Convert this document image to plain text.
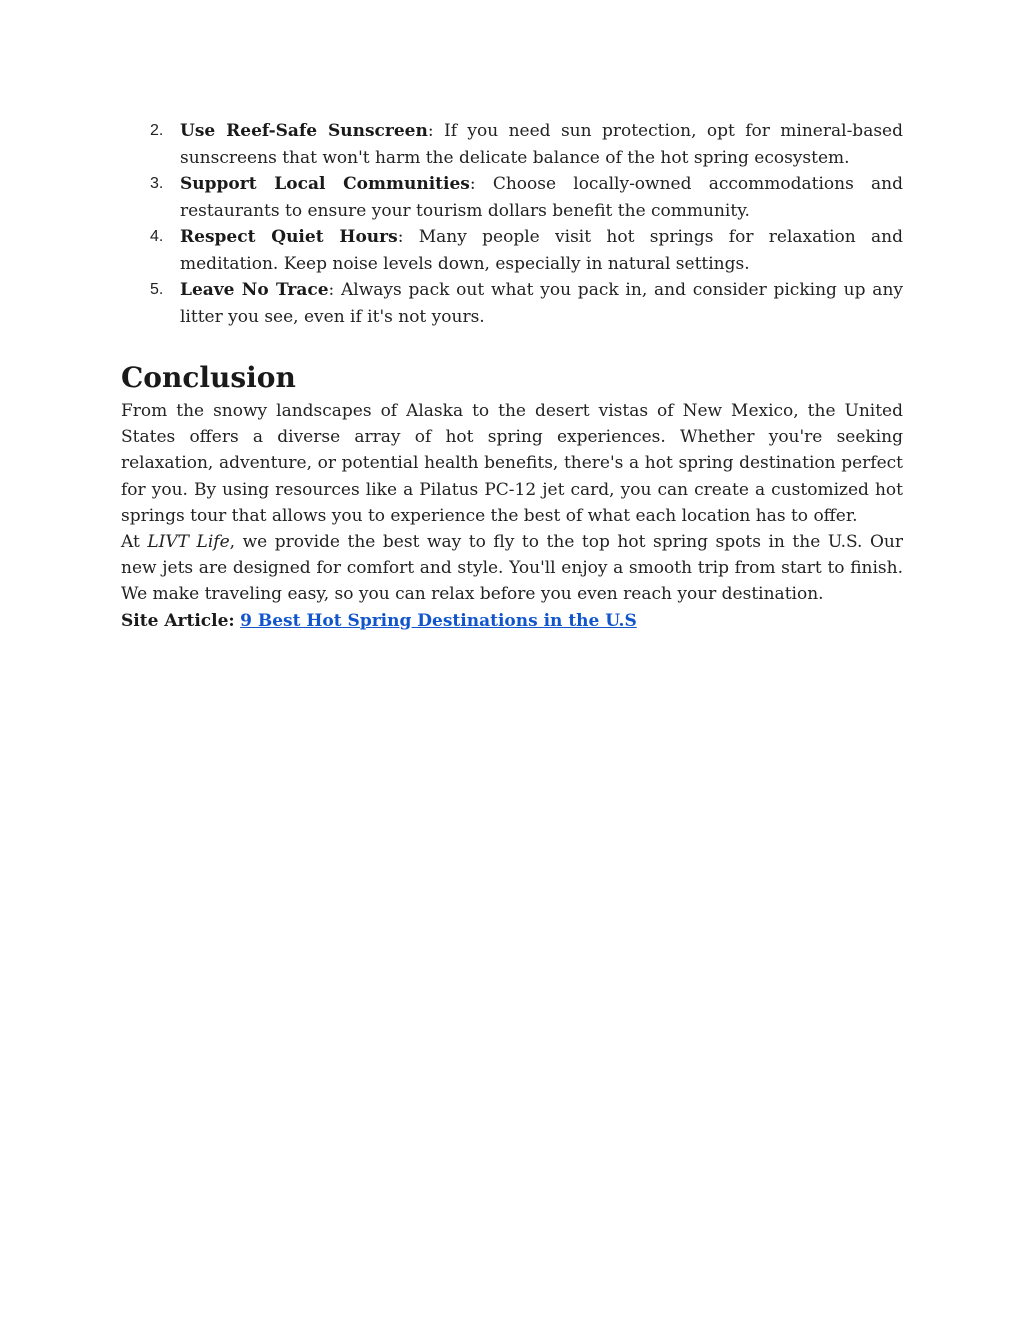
2. Use Reef-Safe Sunscreen: If you need sun protection, opt for mineral-based sunscreens that won't harm the delicate balance of the hot spring ecosystem.
3. Support Local Communities: Choose locally-owned accommodations and restaurants to ensure your tourism dollars benefit the community.
4. Respect Quiet Hours: Many people visit hot springs for relaxation and meditation. Keep noise levels down, especially in natural settings.
5. Leave No Trace: Always pack out what you pack in, and consider picking up any litter you see, even if it's not yours.
Conclusion

From the snowy landscapes of Alaska to the desert vistas of New Mexico, the United States offers a diverse array of hot spring experiences. Whether you're seeking relaxation, adventure, or potential health benefits, there's a hot spring destination perfect for you. By using resources like a Pilatus PC-12 jet card, you can create a customized hot springs tour that allows you to experience the best of what each location has to offer.

At LIVT Life, we provide the best way to fly to the top hot spring spots in the U.S. Our new jets are designed for comfort and style. You'll enjoy a smooth trip from start to finish. We make traveling easy, so you can relax before you even reach your destination.

Site Article: 9 Best Hot Spring Destinations in the U.S
